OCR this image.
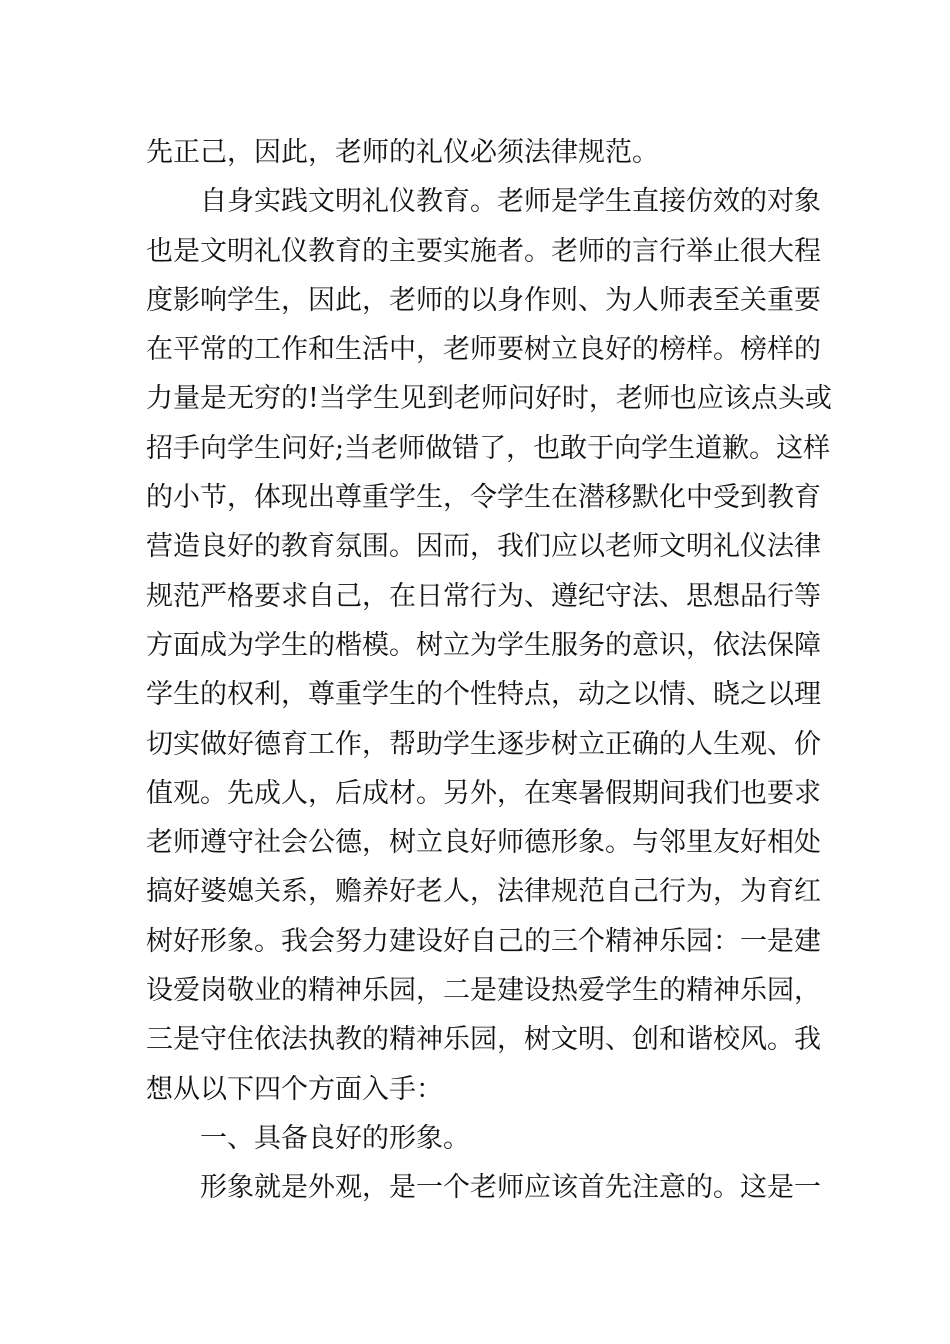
先正己，因此，老师的礼仪必须法律规范。
自身实践文明礼仪教育。老师是学生直接仿效的对象
也是文明礼仪教育的主要实施者。老师的言行举止很大程
度影响学生，因此，老师的以身作则、为人师表至关重要
在平常的工作和生活中，老师要树立良好的榜样。榜样的
力量是无穷的!当学生见到老师问好时，老师也应该点头或
招手向学生问好;当老师做错了，也敢于向学生道歉。这样
的小节，体现出尊重学生，令学生在潜移默化中受到教育
营造良好的教育氛围。因而，我们应以老师文明礼仪法律
规范严格要求自己，在日常行为、遵纪守法、思想品行等
方面成为学生的楷模。树立为学生服务的意识，依法保障
学生的权利，尊重学生的个性特点，动之以情、晓之以理
切实做好德育工作，帮助学生逐步树立正确的人生观、价
值观。先成人，后成材。另外，在寒暑假期间我们也要求
老师遵守社会公德，树立良好师德形象。与邻里友好相处
搞好婆媳关系，赡养好老人，法律规范自己行为，为育红
树好形象。我会努力建设好自己的三个精神乐园：一是建
设爱岗敬业的精神乐园，二是建设热爱学生的精神乐园，
三是守住依法执教的精神乐园，树文明、创和谐校风。我
想从以下四个方面入手：
一、具备良好的形象。
形象就是外观，是一个老师应该首先注意的。这是一
